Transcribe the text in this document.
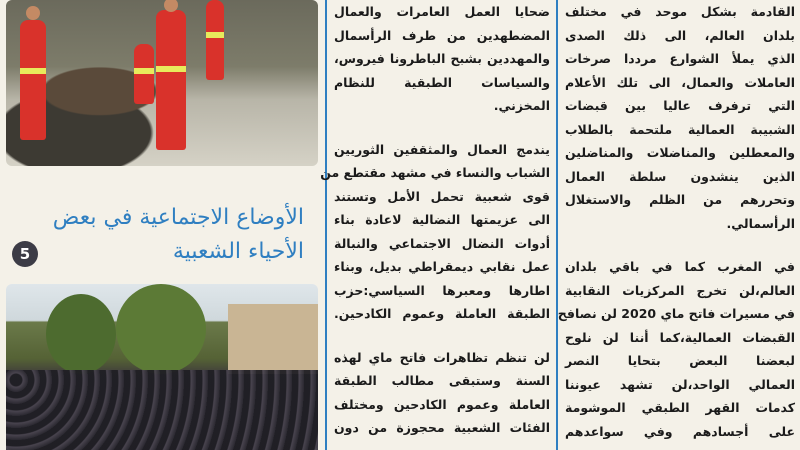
الأوضاع الاجتماعية في بعض
الأحياء الشعبية
5
ضحايا العمل العامرات والعمال
المضطهدين من طرف الرأسمال
والمهددين بشبح الباطرونا فيروس،
والسياسات الطبقية للنظام
المخزني.
يندمج العمال والمثقفين الثوريين
الشباب والنساء في مشهد مقتطع من
قوى شعبية تحمل الأمل وتستند
الى عزيمتها النضالية لاعادة بناء
أدوات النضال الاجتماعي والنبالة
عمل نقابي ديمقراطي بديل، وبناء
اطارها ومعبرها السياسي:حزب
الطبقة العاملة وعموم الكادحين.
لن تنظم تظاهرات فاتح ماي لهذه
السنة وستبقى مطالب الطبقة
العاملة وعموم الكادحين ومختلف
الفئات الشعبية محجوزة من دون
القادمة بشكل موحد في مختلف
بلدان العالم، الى ذلك الصدى
الذي يملأ الشوارع مرددا صرخات
العاملات والعمال، الى تلك الأعلام
التي ترفرف عاليا بين قبضات
الشبيبة العمالية ملتحمة بالطلاب
والمعطلين والمناضلات والمناضلين
الذين ينشدون سلطة العمال
وتحررهم من الظلم والاستغلال
الرأسمالي.
في المغرب كما في باقي بلدان
العالم،لن تخرج المركزيات النقابية
في مسيرات فاتح ماي 2020 لن نصافح
القبضات العمالية،كما أننا لن نلوح
لبعضنا البعض بتحايا النصر
العمالي الواحد،لن تشهد عيوننا
كدمات القهر الطبقي الموشومة
على أجسادهم وفي سواعدهم
